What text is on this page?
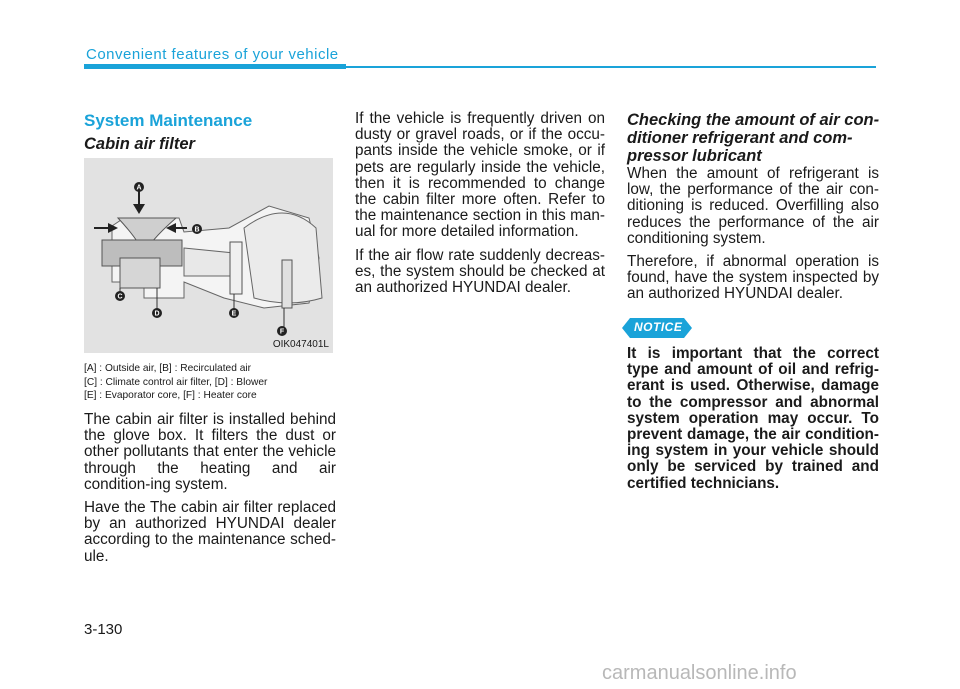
Convenient features of your vehicle
System Maintenance
Cabin air filter
A
B
C
D	E
F
OIK047401L
[A] : Outside air, [B] : Recirculated air
[C] : Climate control air filter, [D] : Blower
[E] : Evaporator core, [F] : Heater core

The cabin air filter is installed behind the glove box. It filters the dust or other pollutants that enter the vehicle through the heating and air condition-ing system.

Have the The cabin air filter replaced by an authorized HYUNDAI dealer according to the maintenance sched-ule.

If the vehicle is frequently driven on dusty or gravel roads, or if the occu-pants inside the vehicle smoke, or if pets are regularly inside the vehicle, then it is recommended to change the cabin filter more often. Refer to the maintenance section in this man-ual for more detailed information.

If the air flow rate suddenly decreas-es, the system should be checked at an authorized HYUNDAI dealer.

Checking the amount of air con-ditioner refrigerant and com-pressor lubricant

When the amount of refrigerant is low, the performance of the air con-ditioning is reduced. Overfilling also reduces the performance of the air conditioning system.

Therefore, if abnormal operation is found, have the system inspected by an authorized HYUNDAI dealer.

NOTICE

It is important that the correct type and amount of oil and refrig-erant is used. Otherwise, damage to the compressor and abnormal system operation may occur. To prevent damage, the air condition-ing system in your vehicle should only be serviced by trained and certified technicians.

3-130
carmanualsonline.info
